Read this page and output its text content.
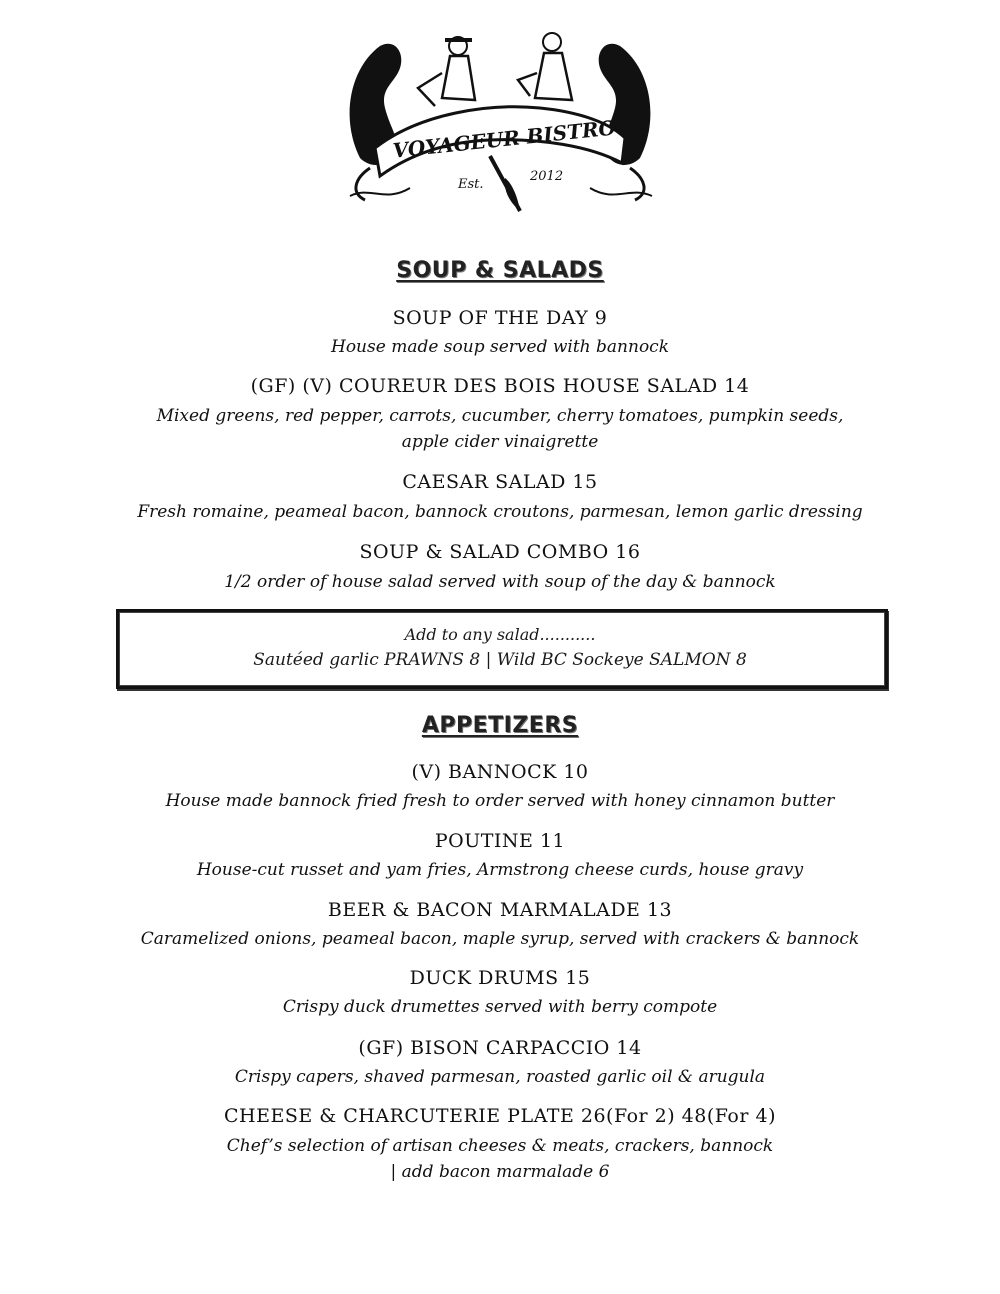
VOYAGEUR BISTRO
Est.
2012
SOUP & SALADS
SOUP OF THE DAY 9
House made soup served with bannock
(GF) (V) COUREUR DES BOIS HOUSE SALAD 14
Mixed greens, red pepper, carrots, cucumber, cherry tomatoes, pumpkin seeds,
apple cider vinaigrette
CAESAR SALAD 15
Fresh romaine, peameal bacon, bannock croutons, parmesan, lemon garlic dressing
SOUP & SALAD COMBO 16
1/2 order of house salad served with soup of the day & bannock
Add to any salad...........
Sautéed garlic PRAWNS 8 | Wild BC Sockeye SALMON 8
APPETIZERS
(V) BANNOCK 10
House made bannock fried fresh to order served with honey cinnamon butter
POUTINE 11
House-cut russet and yam fries, Armstrong cheese curds, house gravy
BEER & BACON MARMALADE 13
Caramelized onions, peameal bacon, maple syrup, served with crackers & bannock
DUCK DRUMS 15
Crispy duck drumettes served with berry compote
(GF) BISON CARPACCIO 14
Crispy capers, shaved parmesan, roasted garlic oil & arugula
CHEESE & CHARCUTERIE PLATE 26(For 2) 48(For 4)
Chef’s selection of artisan cheeses & meats, crackers, bannock
| add bacon marmalade 6
